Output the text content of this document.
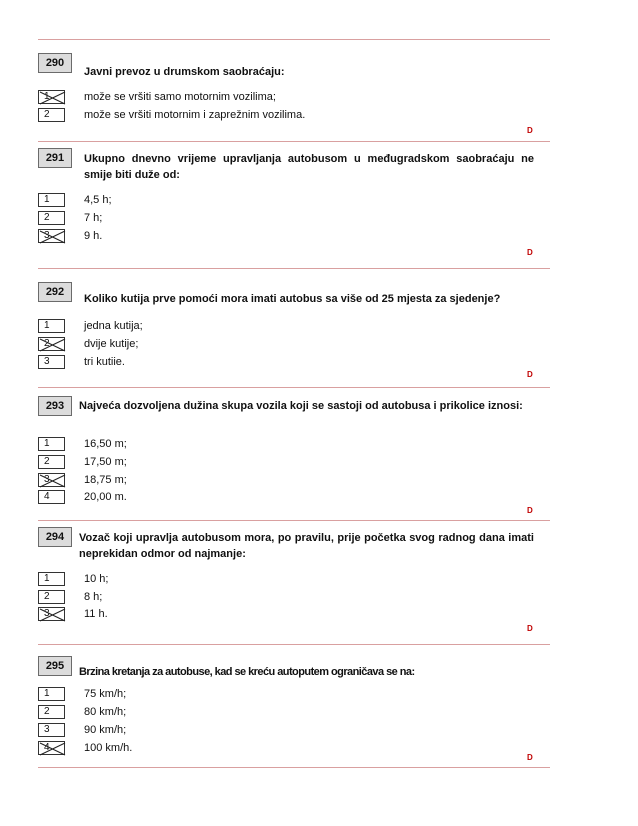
290
Javni prevoz u drumskom saobraćaju:
1	može se vršiti samo motornim vozilima;
2	može se vršiti motornim i zaprežnim vozilima.
D
291	Ukupno dnevno vrijeme upravljanja autobusom u međugradskom saobraćaju ne smije biti duže od:
1	4,5 h;
2	7 h;
3	9 h.
D
292
Koliko kutija prve pomoći mora imati autobus sa više od 25 mjesta za sjedenje?
1	jedna kutija;
2	dvije kutije;
3	tri kutiie.
D
293	Najveća dozvoljena dužina skupa vozila koji se sastoji od autobusa i prikolice iznosi:
1	16,50 m;
2	17,50 m;
3	18,75 m;
4	20,00 m.
D
294	Vozač koji upravlja autobusom mora, po pravilu, prije početka svog radnog dana imati neprekidan odmor od najmanje:
1	10 h;
2	8 h;
3	11 h.
D
295	Brzina kretanja za autobuse, kad se kreću autoputem ograničava se na:
1	75 km/h;
2	80 km/h;
3	90 km/h;
4	100 km/h.
D
